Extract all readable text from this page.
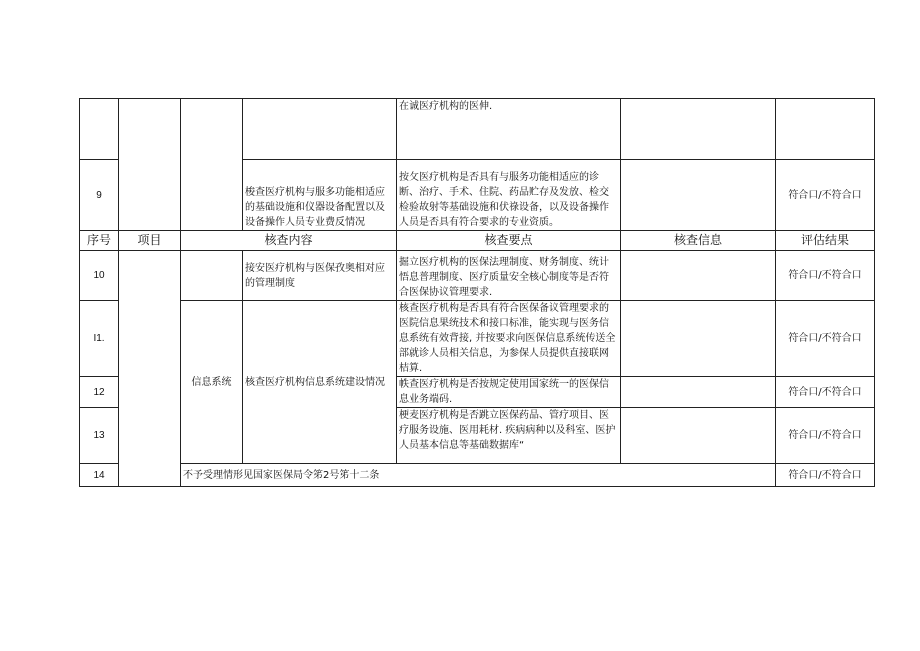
				在诚医疗机构的医伸.		
9			梭查医疗机构与服多功能相适应的基础设施和仪器设备配置以及设备操作人员专业费反情况	按攵医疗机构是否具有与服务功能相适应的诊断、治疗、手术、住院、药品贮存及发放、检交检验故射等基础设施和伏祿设备，以及设备操作人员是否具有符合要求的专业资质。		符合口/不符合口
序号	项目	核查内容		核查要点	核查信息	评估结果
10			接安医疗机构与医保孜奥相对应的管理制度	掘立医疗机构的医保法理制度、财务制度、统计悟息普理制度、医疗质量安全核心制度等是否符合医保协议管理要求.		符合口/不符合口
I1.		信息系统	核查医疗机构信息系统建设情况	核查医疗机构是否具有符合医保备议管理要求的医院信息果统技术和接口标准，能实现与医务信息系统有效背接, 并按要求向医保信息系统传送全部就诊人员相关信息，为参保人员提供直接联网桔算.		符合口/不符合口
12				帙查医疗机构是否按规定使用国家统一的医保信息业务端码.		符合口/不符合口
13				梗麦医疗机构是否跳立医保药品、管疗项目、医疗服务设施、医用耗材. 疾病病种以及科室、医护人员基本信息等基础数据库“		符合口/不符合口
14		不予受理情形见国家医保局令笫2号笫十二条				符合口/不符合口
